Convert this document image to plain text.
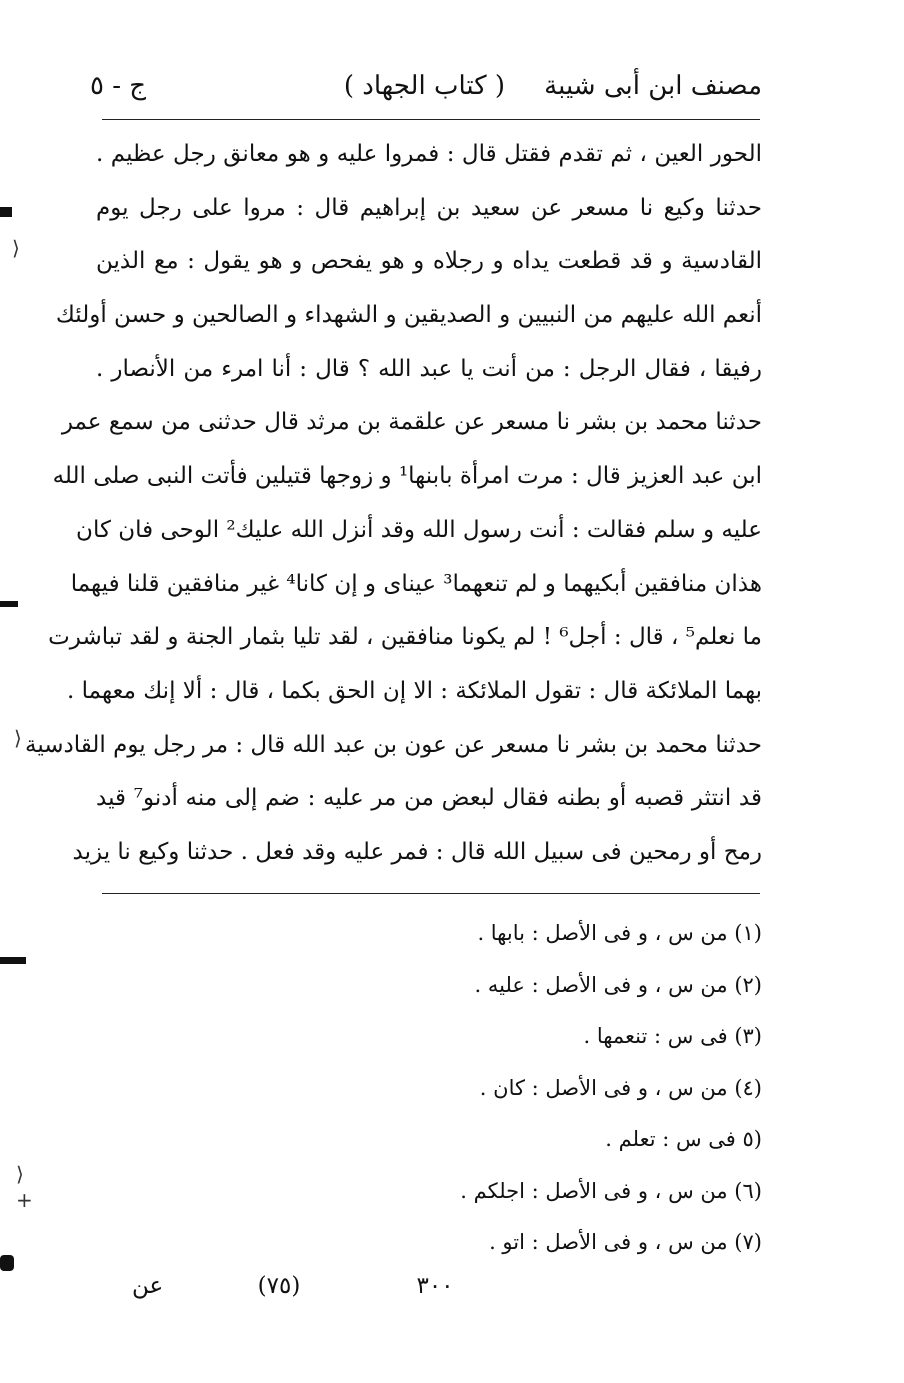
مصنف ابن أبى شيبة
( كتاب الجهاد )
ج - ٥
الحور العين ، ثم تقدم فقتل قال : فمروا عليه و هو معانق رجل عظيم .
حدثنا وكيع نا مسعر عن سعيد بن إبراهيم قال : مروا على رجل يوم
القادسية و قد قطعت يداه و رجلاه و هو يفحص و هو يقول : مع الذين
أنعم الله عليهم من النبيين و الصديقين و الشهداء و الصالحين و حسن أولئك
رفيقا ، فقال الرجل : من أنت يا عبد الله ؟ قال : أنا امرء من الأنصار .
حدثنا محمد بن بشر نا مسعر عن علقمة بن مرثد قال حدثنى من سمع عمر
ابن عبد العزيز قال : مرت امرأة بابنها¹ و زوجها قتيلين فأتت النبى صلى الله
عليه و سلم فقالت : أنت رسول الله وقد أنزل الله عليك² الوحى فان كان
هذان منافقين أبكيهما و لم تنعهما³ عيناى و إن كانا⁴ غير منافقين قلنا فيهما
ما نعلم⁵ ، قال : أجل⁶ ! لم يكونا منافقين ، لقد تليا بثمار الجنة و لقد تباشرت
بهما الملائكة قال : تقول الملائكة : الا إن الحق بكما ، قال : ألا إنك معهما .
حدثنا محمد بن بشر نا مسعر عن عون بن عبد الله قال : مر رجل يوم القادسية
قد انتثر قصبه أو بطنه فقال لبعض من مر عليه : ضم إلى منه أدنو⁷ قيد
رمح أو رمحين فى سبيل الله قال : فمر عليه وقد فعل . حدثنا وكيع نا يزيد
(١) من س ، و فى الأصل : بابها .
(٢) من س ، و فى الأصل : عليه .
(٣) فى س : تنعمها .
(٤) من س ، و فى الأصل : كان .
(٥ فى س : تعلم .
(٦) من س ، و فى الأصل : اجلكم .
(٧) من س ، و فى الأصل : اتو .
عن	(٧٥)	٣٠٠
⟩
⟩
⟩
+
